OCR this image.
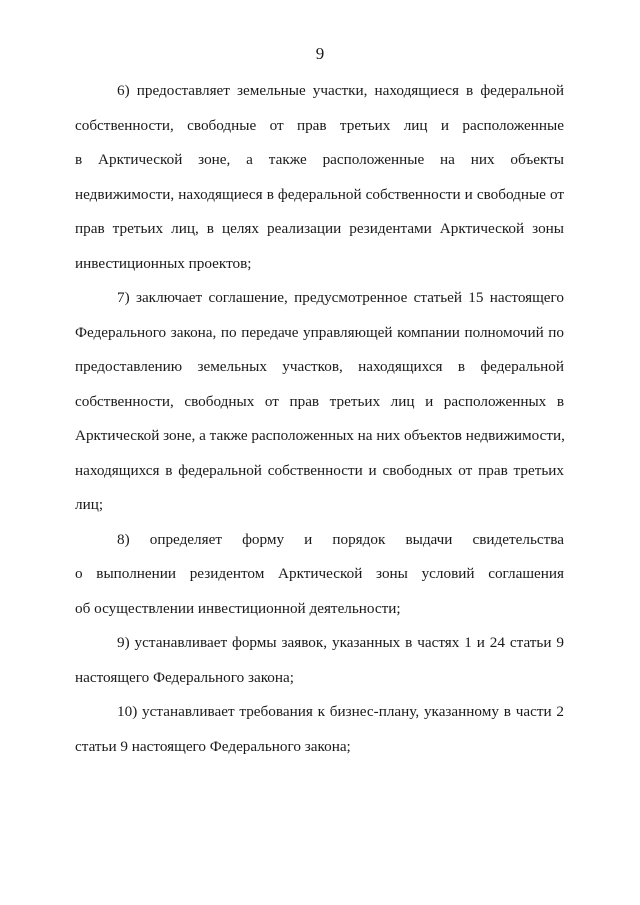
9
6) предоставляет земельные участки, находящиеся в федеральной
собственности, свободные от прав третьих лиц и расположенные
в Арктической зоне, а также расположенные на них объекты
недвижимости, находящиеся в федеральной собственности и свободные от
прав третьих лиц, в целях реализации резидентами Арктической зоны
инвестиционных проектов;
7) заключает соглашение, предусмотренное статьей 15 настоящего
Федерального закона, по передаче управляющей компании полномочий по
предоставлению земельных участков, находящихся в федеральной
собственности, свободных от прав третьих лиц и расположенных в
Арктической зоне, а также расположенных на них объектов недвижимости,
находящихся в федеральной собственности и свободных от прав третьих
лиц;
8) определяет форму и порядок выдачи свидетельства
о выполнении резидентом Арктической зоны условий соглашения
об осуществлении инвестиционной деятельности;
9) устанавливает формы заявок, указанных в частях 1 и 24 статьи 9
настоящего Федерального закона;
10) устанавливает требования к бизнес-плану, указанному в части 2
статьи 9 настоящего Федерального закона;
